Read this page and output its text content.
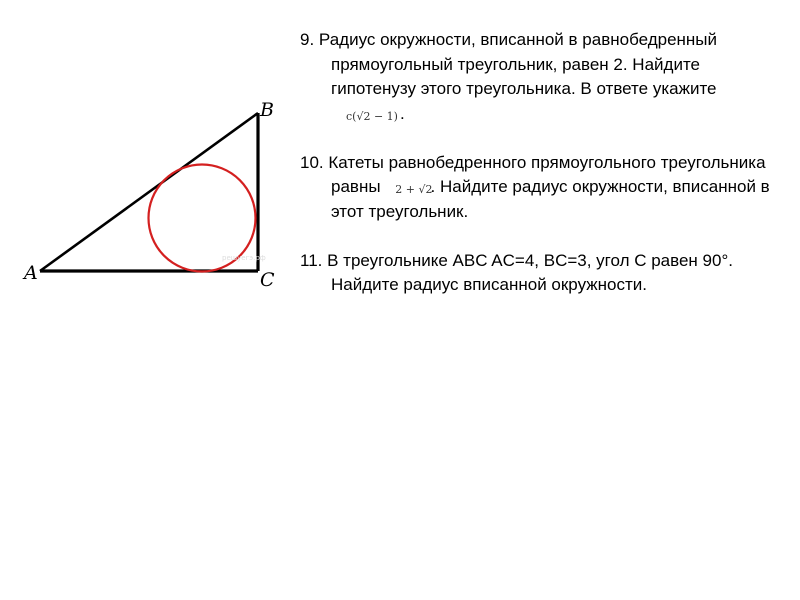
решуегэ.рф
A
B
C
9. Радиус окружности, вписанной в равнобедренный прямоугольный треугольник, равен 2. Найдите гипотенузу этого треугольника. В ответе укажите c(√2 − 1) .
10. Катеты равнобедренного прямоугольного треугольника равны 2 + √2. Найдите радиус окружности, вписанной в этот треугольник.
11. В треугольнике ABC AC=4, BC=3, угол C равен 90°. Найдите радиус вписанной окружности.
